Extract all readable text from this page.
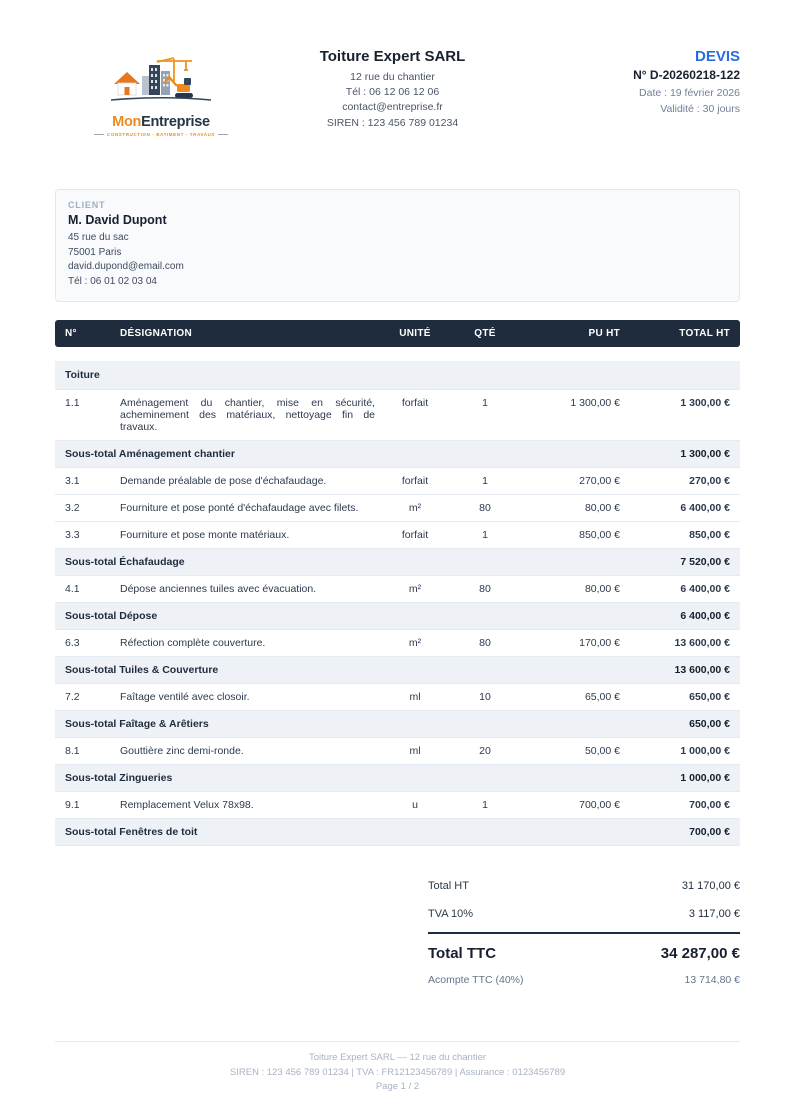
MonEntreprise
CONSTRUCTION - BATIMENT - TRAVAUX
Toiture Expert SARL
12 rue du chantier
Tél : 06 12 06 12 06
contact@entreprise.fr
SIREN : 123 456 789 01234
DEVIS
N° D-20260218-122
Date : 19 février 2026
Validité : 30 jours
CLIENT
M. David Dupont
45 rue du sac
75001 Paris
david.dupond@email.com
Tél : 06 01 02 03 04
N°	DÉSIGNATION	UNITÉ	QTÉ	PU HT	TOTAL HT

Toiture					
1.1	Aménagement du chantier, mise en sécurité, acheminement des matériaux, nettoyage fin de travaux.	forfait	1	1 300,00 €	1 300,00 €
Sous-total Aménagement chantier					1 300,00 €
3.1	Demande préalable de pose d'échafaudage.	forfait	1	270,00 €	270,00 €
3.2	Fourniture et pose ponté d'échafaudage avec filets.	m²	80	80,00 €	6 400,00 €
3.3	Fourniture et pose monte matériaux.	forfait	1	850,00 €	850,00 €
Sous-total Échafaudage					7 520,00 €
4.1	Dépose anciennes tuiles avec évacuation.	m²	80	80,00 €	6 400,00 €
Sous-total Dépose					6 400,00 €
6.3	Réfection complète couverture.	m²	80	170,00 €	13 600,00 €
Sous-total Tuiles & Couverture					13 600,00 €
7.2	Faîtage ventilé avec closoir.	ml	10	65,00 €	650,00 €
Sous-total Faîtage & Arêtiers					650,00 €
8.1	Gouttière zinc demi-ronde.	ml	20	50,00 €	1 000,00 €
Sous-total Zingueries					1 000,00 €
9.1	Remplacement Velux 78x98.	u	1	700,00 €	700,00 €
Sous-total Fenêtres de toit					700,00 €
Total HT	31 170,00 €
TVA 10%	3 117,00 €
Total TTC	34 287,00 €
Acompte TTC (40%)	13 714,80 €
Toiture Expert SARL — 12 rue du chantier
SIREN : 123 456 789 01234 | TVA : FR12123456789 | Assurance : 0123456789
Page 1 / 2
